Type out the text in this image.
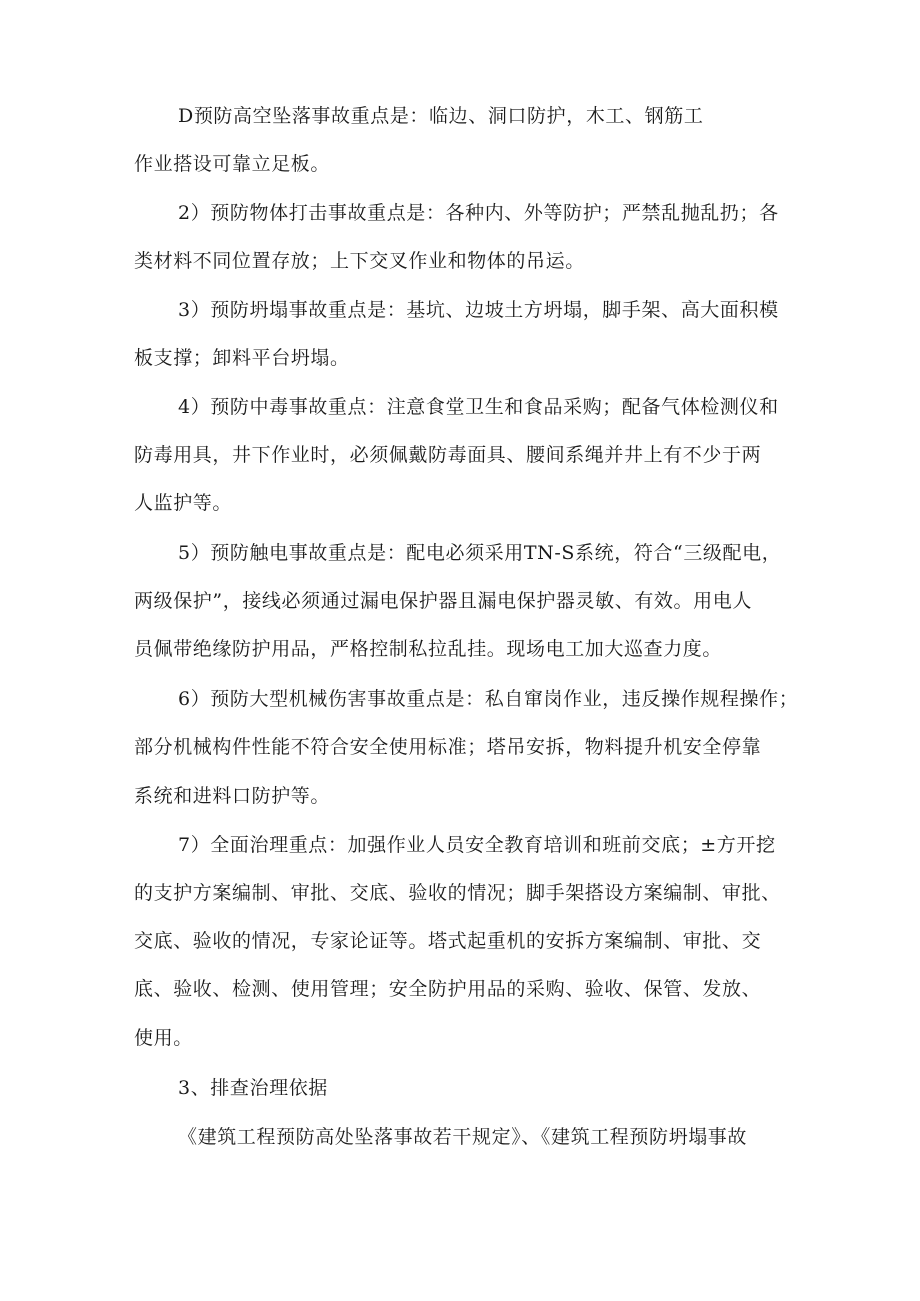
D预防高空坠落事故重点是：临边、洞口防护，木工、钢筋工
作业搭设可靠立足板。
2）预防物体打击事故重点是：各种内、外等防护；严禁乱抛乱扔；各
类材料不同位置存放；上下交叉作业和物体的吊运。
3）预防坍塌事故重点是：基坑、边坡土方坍塌，脚手架、高大面积模
板支撑；卸料平台坍塌。
4）预防中毒事故重点：注意食堂卫生和食品采购；配备气体检测仪和
防毒用具，井下作业时，必须佩戴防毒面具、腰间系绳并井上有不少于两
人监护等。
5）预防触电事故重点是：配电必须采用TN-S系统，符合“三级配电，
两级保护”，接线必须通过漏电保护器且漏电保护器灵敏、有效。用电人
员佩带绝缘防护用品，严格控制私拉乱挂。现场电工加大巡查力度。
6）预防大型机械伤害事故重点是：私自窜岗作业，违反操作规程操作；
部分机械构件性能不符合安全使用标准；塔吊安拆，物料提升机安全停靠
系统和进料口防护等。
7）全面治理重点：加强作业人员安全教育培训和班前交底；±方开挖
的支护方案编制、审批、交底、验收的情况；脚手架搭设方案编制、审批、
交底、验收的情况，专家论证等。塔式起重机的安拆方案编制、审批、交
底、验收、检测、使用管理；安全防护用品的采购、验收、保管、发放、
使用。
3、排查治理依据
《建筑工程预防高处坠落事故若干规定》、《建筑工程预防坍塌事故
